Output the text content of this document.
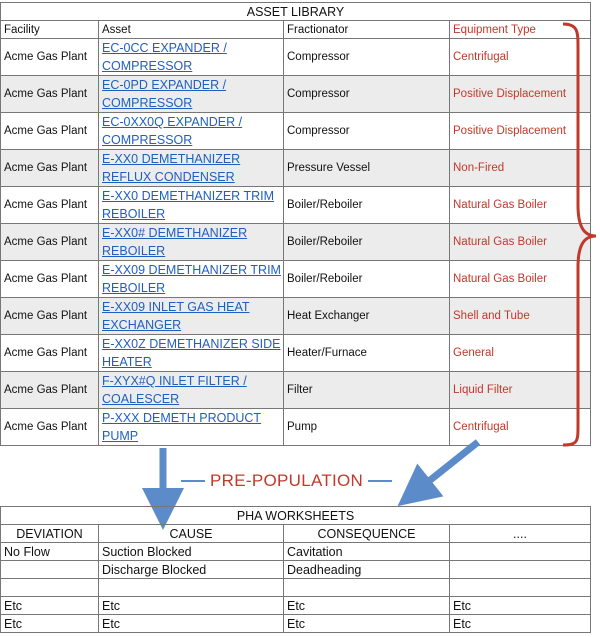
ASSET LIBRARY			
Facility	Asset	Fractionator	Equipment Type
Acme Gas Plant	EC-0CC EXPANDER / COMPRESSOR	Compressor	Centrifugal
Acme Gas Plant	EC-0PD EXPANDER / COMPRESSOR	Compressor	Positive Displacement
Acme Gas Plant	EC-0XX0Q EXPANDER / COMPRESSOR	Compressor	Positive Displacement
Acme Gas Plant	E-XX0 DEMETHANIZER REFLUX CONDENSER	Pressure Vessel	Non-Fired
Acme Gas Plant	E-XX0 DEMETHANIZER TRIM REBOILER	Boiler/Reboiler	Natural Gas Boiler
Acme Gas Plant	E-XX0# DEMETHANIZER REBOILER	Boiler/Reboiler	Natural Gas Boiler
Acme Gas Plant	E-XX09 DEMETHANIZER TRIM REBOILER	Boiler/Reboiler	Natural Gas Boiler
Acme Gas Plant	E-XX09 INLET GAS HEAT EXCHANGER	Heat Exchanger	Shell and Tube
Acme Gas Plant	E-XX0Z DEMETHANIZER SIDE HEATER	Heater/Furnace	General
Acme Gas Plant	F-XYX#Q INLET FILTER / COALESCER	Filter	Liquid Filter
Acme Gas Plant	P-XXX DEMETH PRODUCT PUMP	Pump	Centrifugal
PRE-POPULATION
PHA WORKSHEETS			
DEVIATION	CAUSE	CONSEQUENCE	....
No Flow	Suction Blocked	Cavitation	
	Discharge Blocked	Deadheading	

Etc	Etc	Etc	Etc
Etc	Etc	Etc	Etc
